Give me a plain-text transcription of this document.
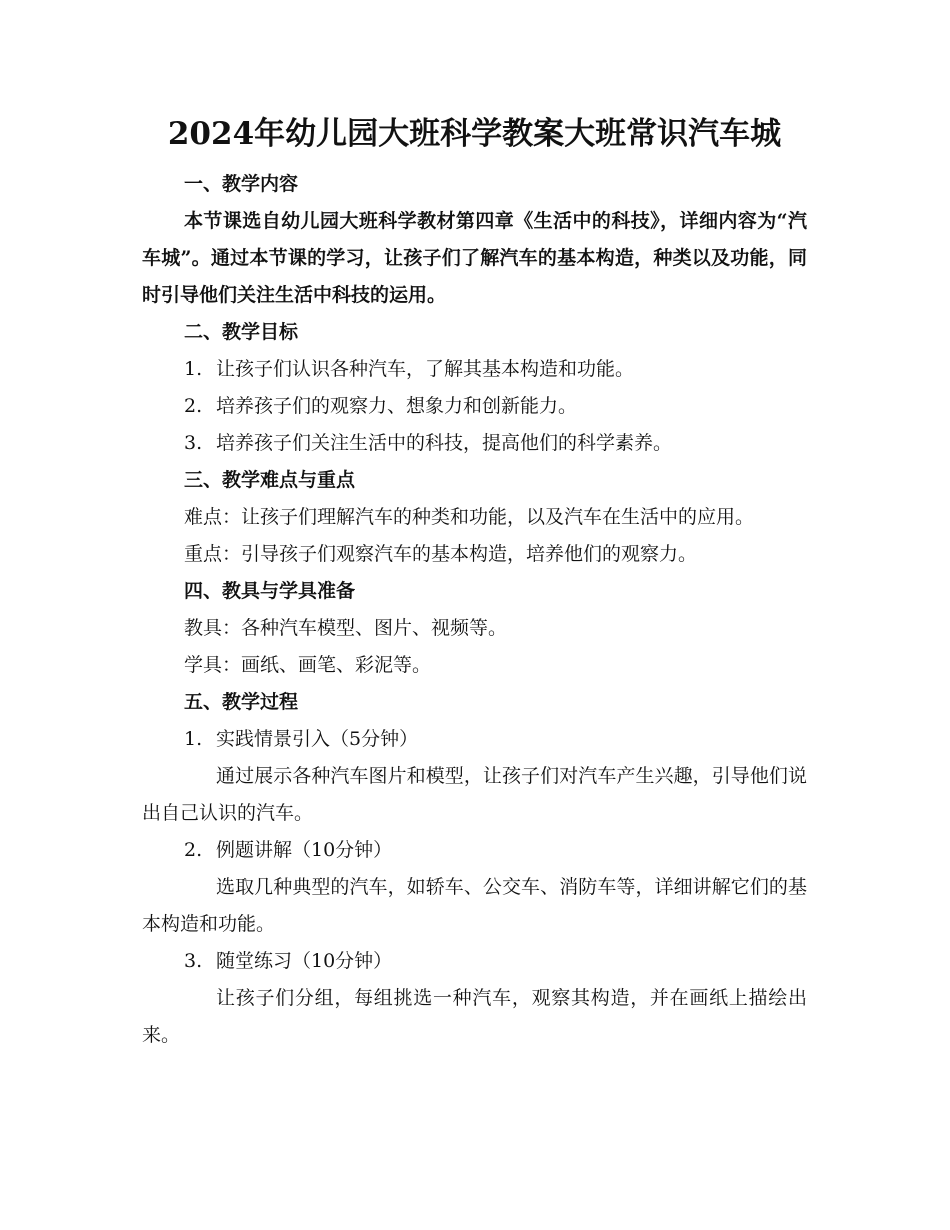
2024年幼儿园大班科学教案大班常识汽车城

一、教学内容

本节课选自幼儿园大班科学教材第四章《生活中的科技》，详细内容为“汽车城”。通过本节课的学习，让孩子们了解汽车的基本构造，种类以及功能，同时引导他们关注生活中科技的运用。

二、教学目标

1. 让孩子们认识各种汽车，了解其基本构造和功能。

2. 培养孩子们的观察力、想象力和创新能力。

3. 培养孩子们关注生活中的科技，提高他们的科学素养。

三、教学难点与重点

难点：让孩子们理解汽车的种类和功能，以及汽车在生活中的应用。

重点：引导孩子们观察汽车的基本构造，培养他们的观察力。

四、教具与学具准备

教具：各种汽车模型、图片、视频等。

学具：画纸、画笔、彩泥等。

五、教学过程

1. 实践情景引入（5分钟）

通过展示各种汽车图片和模型，让孩子们对汽车产生兴趣，引导他们说出自己认识的汽车。

2. 例题讲解（10分钟）

选取几种典型的汽车，如轿车、公交车、消防车等，详细讲解它们的基本构造和功能。

3. 随堂练习（10分钟）

让孩子们分组，每组挑选一种汽车，观察其构造，并在画纸上描绘出来。
